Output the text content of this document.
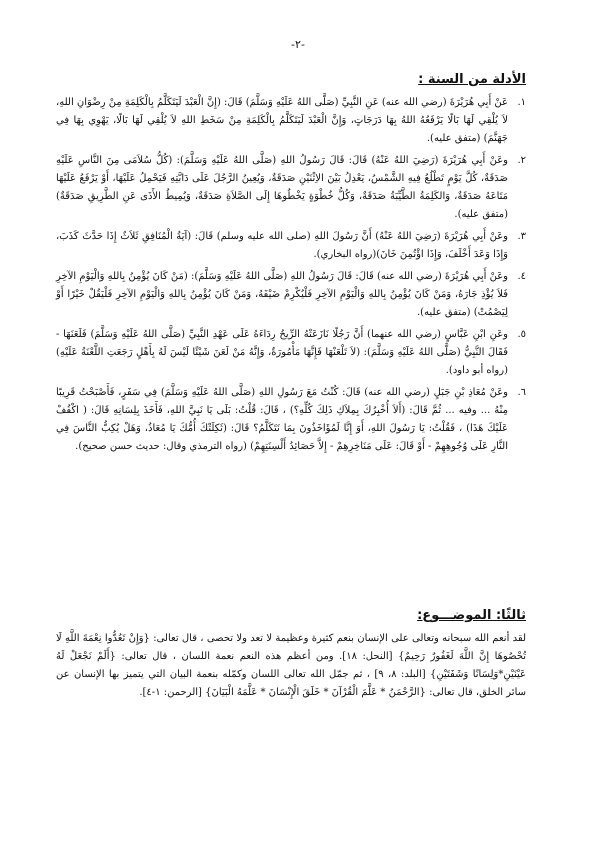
-٢-
الأدلة من السنة :
١.
عَنْ أَبِي هُرَيْرَةَ (رضي الله عنه) عَنِ النَّبِيِّ (صَلَّى اللهُ عَلَيْهِ وَسَلَّمَ) قَالَ: (إِنَّ الْعَبْدَ لَيَتَكَلَّمُ بِالْكَلِمَةِ مِنْ رِضْوَانِ اللهِ، لاَ يُلْقِي لَهَا بَالًا يَرْفَعُهُ اللهُ بِهَا دَرَجَاتٍ، وَإِنَّ الْعَبْدَ لَيَتَكَلَّمُ بِالْكَلِمَةِ مِنْ سَخَطِ اللهِ لاَ يُلْقِي لَهَا بَالًا، يَهْوِي بِهَا فِي جَهَنَّمَ) (متفق عليه).
٢.
وعَنْ أَبِي هُرَيْرَةَ (رَضِيَ اللهُ عَنْهُ) قَالَ: قَالَ رَسُولُ اللهِ (صَلَّى اللهُ عَلَيْهِ وَسَلَّمَ): (كُلُّ سُلاَمَى مِنَ النَّاسِ عَلَيْهِ صَدَقَةٌ، كُلَّ يَوْمٍ تَطْلُعُ فِيهِ الشَّمْسُ، يَعْدِلُ بَيْنَ الاِثْنَيْنِ صَدَقَةٌ، وَيُعِينُ الرَّجُلَ عَلَى دَابَّتِهِ فَيَحْمِلُ عَلَيْهَا، أَوْ يَرْفَعُ عَلَيْهَا مَتَاعَهُ صَدَقَةٌ، وَالكَلِمَةُ الطَّيِّبَةُ صَدَقَةٌ، وَكُلُّ خُطْوَةٍ يَخْطُوهَا إِلَى الصَّلاَةِ صَدَقَةٌ، وَيُمِيطُ الأَذَى عَنِ الطَّرِيقِ صَدَقَةٌ) (متفق عليه).
٣.
وعَنْ أَبِي هُرَيْرَةَ (رَضِيَ اللهُ عَنْهُ) أَنَّ رَسُولَ اللهِ (صلى الله عليه وسلم) قَالَ: (آيَةُ الْمُنَافِقِ ثَلاَثٌ إِذَا حَدَّثَ كَذَبَ، وَإِذَا وَعَدَ أَخْلَفَ، وَإِذَا اؤْتُمِنَ خَانَ)(رواه البخاري).
٤.
وعَنْ أَبِي هُرَيْرَةَ (رضي الله عنه) قَالَ: قَالَ رَسُولُ اللهِ (صَلَّى اللهُ عَلَيْهِ وَسَلَّمَ): (مَنْ كَانَ يُؤْمِنُ بِاللهِ وَالْيَوْمِ الآخِرِ فَلاَ يُؤْذِ جَارَهُ، وَمَنْ كَانَ يُؤْمِنُ بِاللهِ وَالْيَوْمِ الآخِرِ فَلْيُكْرِمْ ضَيْفَهُ، وَمَنْ كَانَ يُؤْمِنُ بِاللهِ وَالْيَوْمِ الآخِرِ فَلْيَقُلْ خَيْرًا أَوْ لِيَصْمُتْ) (متفق عليه).
٥.
وعَنِ ابْنِ عَبَّاسٍ (رضي الله عنهما) أَنَّ رَجُلًا نَازَعَتْهُ الرِّيحُ رِدَاءَهُ عَلَى عَهْدِ النَّبِيِّ (صَلَّى اللهُ عَلَيْهِ وَسَلَّمَ) فَلَعَنَهَا - فَقَالَ النَّبِيُّ (صَلَّى اللهُ عَلَيْهِ وَسَلَّمَ): (لاَ تَلْعَنْهَا فَإِنَّهَا مَأْمُورَةٌ، وَإِنَّهُ مَنْ لَعَنَ شَيْئًا لَيْسَ لَهُ بِأَهْلٍ رَجَعَتِ اللَّعْنَةُ عَلَيْهِ) (رواه أبو داود).
٦.
وعَنْ مُعَاذِ بْنِ جَبَلٍ (رضي الله عنه) قَالَ: كُنْتُ مَعَ رَسُولِ اللهِ (صَلَّى اللهُ عَلَيْهِ وَسَلَّمَ) فِي سَفَرٍ، فَأَصْبَحْتُ قَرِيبًا مِنْهُ ... وفيه ... ثُمَّ قَالَ: (أَلاَ أُخْبِرُكَ بِمِلاَكِ ذَلِكَ كُلِّهِ؟) ، قَالَ: قُلْتُ: بَلَى يَا نَبِيَّ اللهِ، فَأَخَذَ بِلِسَانِهِ قَالَ: ( اكْفُفْ عَلَيْكَ هَذَا) ، فَقُلْتُ: يَا رَسُولَ اللهِ، أَوَ إِنَّا لَمُؤَاخَذُونَ بِمَا نَتَكَلَّمُ؟ قَالَ: (ثَكِلَتْكَ أُمُّكَ يَا مُعَاذُ، وَهَلْ يُكِبُّ النَّاسَ فِي النَّارِ عَلَى وُجُوهِهِمْ - أَوْ قَالَ: عَلَى مَنَاخِرِهِمْ - إِلاَّ حَصَائِدُ أَلْسِنَتِهِمْ) (رواه الترمذي وقال: حديث حسن صحيح).
ثالثًا: الموضـــوع:

لقد أنعم الله سبحانه وتعالى على الإنسان بنعم كثيرة وعظيمة لا تعد ولا تحصى ، قال تعالى: {وَإِنْ تَعُدُّوا نِعْمَةَ اللَّهِ لَا تُحْصُوهَا إِنَّ اللَّهَ لَغَفُورٌ رَحِيمٌ} [النحل: ١٨]. ومن أعظم هذه النعم نعمة اللسان ، قال تعالى: {أَلَمْ نَجْعَلْ لَهُ عَيْنَيْنِ*وَلِسَانًا وَشَفَتَيْنِ} [البلد: ٨، ٩] ، ثم جمّل الله تعالى اللسان وكمّله بنعمة البيان التي يتميز بها الإنسان عن سائر الخلق، قال تعالى: {الرَّحْمَنُ * عَلَّمَ الْقُرْآنَ * خَلَقَ الْإِنْسَانَ * عَلَّمَهُ الْبَيَانَ} [الرحمن: ١-٤].
